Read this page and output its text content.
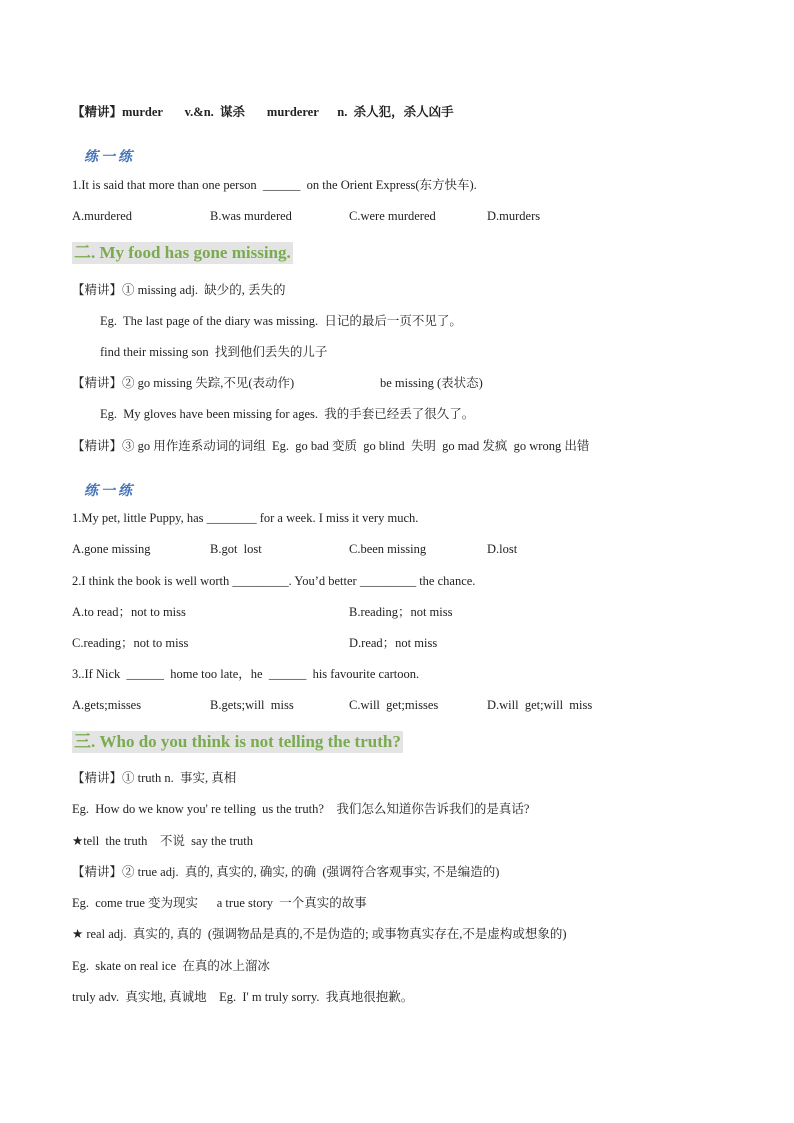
【精讲】murder       v.&n.  谋杀       murderer      n.  杀人犯，杀人凶手
练一练
1.It is said that more than one person  ______  on the Orient Express(东方快车).
A.murdered	B.was murdered	C.were murdered	D.murders
二. My food has gone missing.
【精讲】① missing adj.  缺少的, 丢失的
Eg.  The last page of the diary was missing.  日记的最后一页不见了。
find their missing son  找到他们丢失的儿子
【精讲】② go missing 失踪,不见(表动作)	be missing (表状态)
Eg.  My gloves have been missing for ages.  我的手套已经丢了很久了。
【精讲】③ go 用作连系动词的词组  Eg.  go bad 变质  go blind  失明  go mad 发疯  go wrong 出错
练一练
1.My pet, little Puppy, has ________ for a week. I miss it very much.
A.gone missing	B.got  lost	C.been missing	D.lost
2.I think the book is well worth _________. You’d better _________ the chance.
A.to read；not to miss	B.reading；not miss
C.reading；not to miss	D.read；not miss
3..If Nick  ______  home too late，he  ______  his favourite cartoon.
A.gets;misses	B.gets;will  miss	C.will  get;misses	D.will  get;will  miss
三. Who do you think is not telling the truth?
【精讲】① truth n.  事实, 真相
Eg.  How do we know you' re telling  us the truth?    我们怎么知道你告诉我们的是真话?
★tell  the truth    不说  say the truth
【精讲】② true adj.  真的, 真实的, 确实, 的确  (强调符合客观事实, 不是编造的)
Eg.  come true 变为现实      a true story  一个真实的故事
★ real adj.  真实的, 真的  (强调物品是真的,不是伪造的; 或事物真实存在,不是虚构或想象的)
Eg.  skate on real ice  在真的冰上溜冰
truly adv.  真实地, 真诚地    Eg.  I' m truly sorry.  我真地很抱歉。
